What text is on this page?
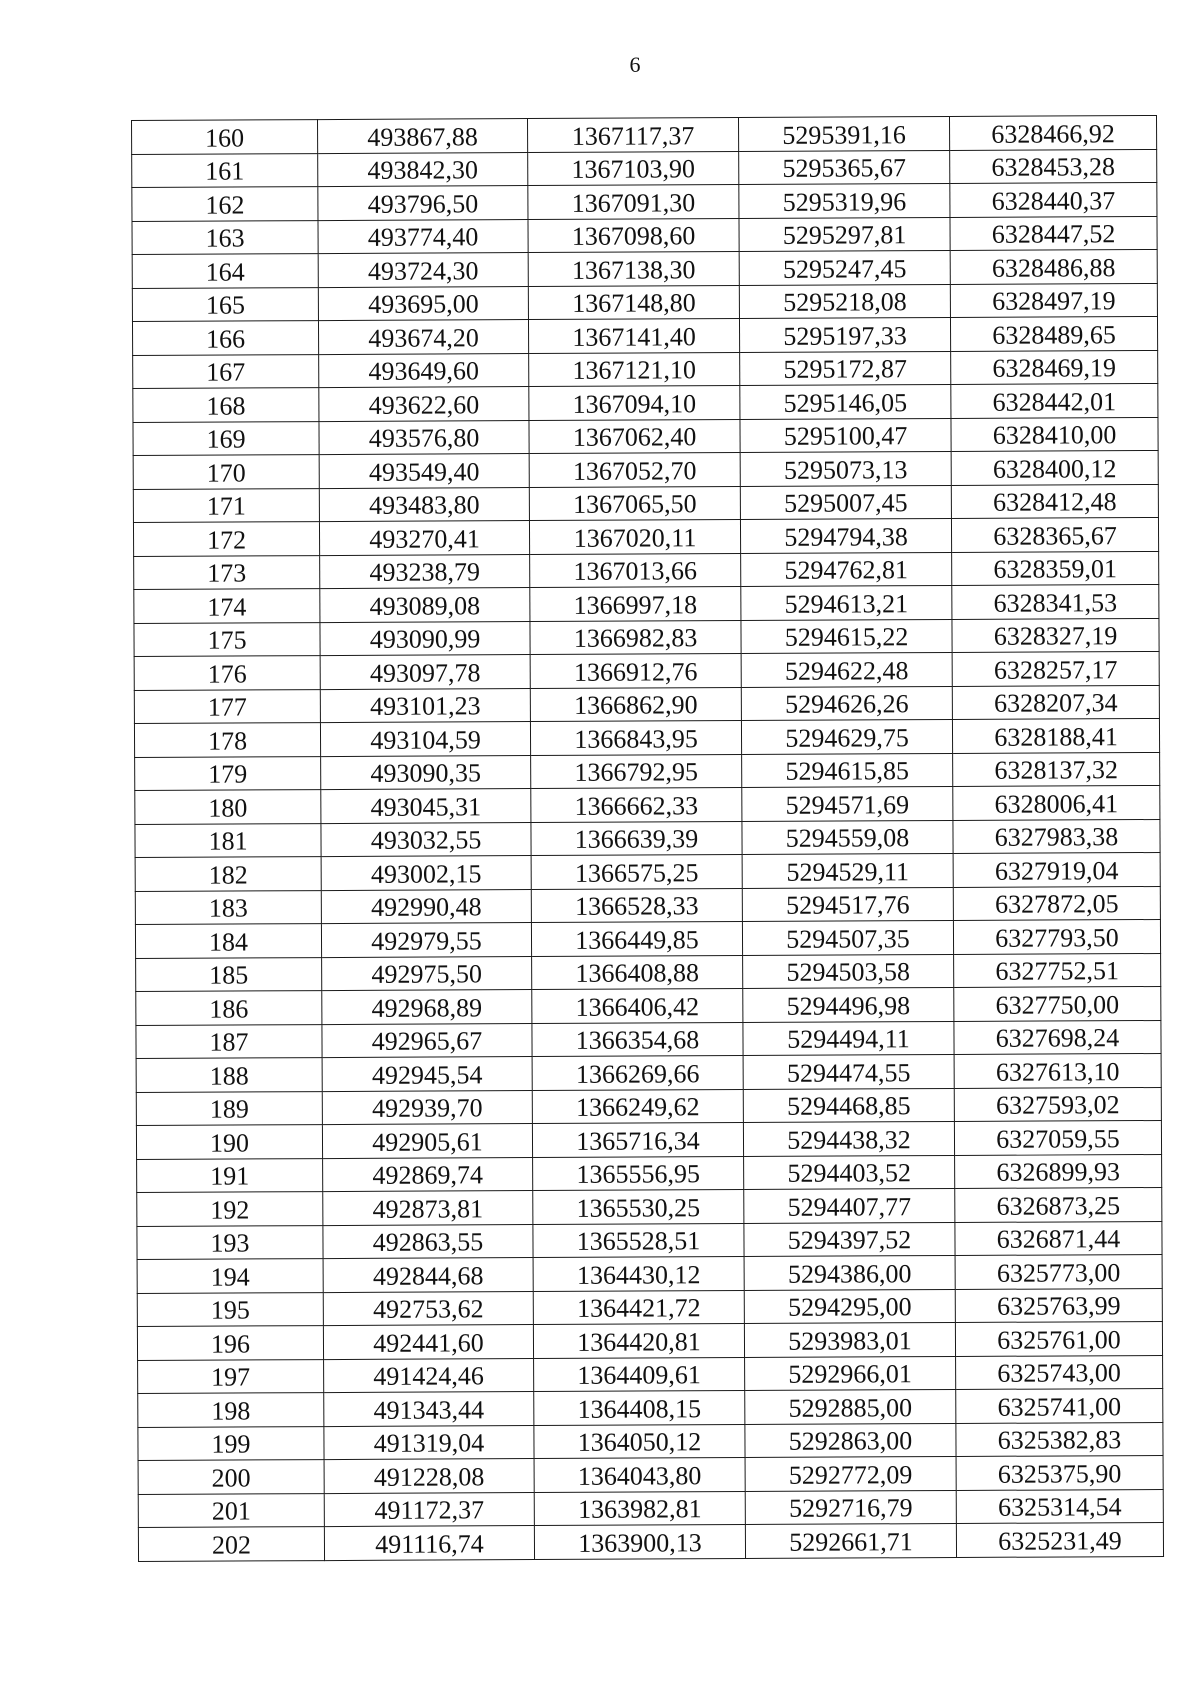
6
160	493867,88	1367117,37	5295391,16	6328466,92
161	493842,30	1367103,90	5295365,67	6328453,28
162	493796,50	1367091,30	5295319,96	6328440,37
163	493774,40	1367098,60	5295297,81	6328447,52
164	493724,30	1367138,30	5295247,45	6328486,88
165	493695,00	1367148,80	5295218,08	6328497,19
166	493674,20	1367141,40	5295197,33	6328489,65
167	493649,60	1367121,10	5295172,87	6328469,19
168	493622,60	1367094,10	5295146,05	6328442,01
169	493576,80	1367062,40	5295100,47	6328410,00
170	493549,40	1367052,70	5295073,13	6328400,12
171	493483,80	1367065,50	5295007,45	6328412,48
172	493270,41	1367020,11	5294794,38	6328365,67
173	493238,79	1367013,66	5294762,81	6328359,01
174	493089,08	1366997,18	5294613,21	6328341,53
175	493090,99	1366982,83	5294615,22	6328327,19
176	493097,78	1366912,76	5294622,48	6328257,17
177	493101,23	1366862,90	5294626,26	6328207,34
178	493104,59	1366843,95	5294629,75	6328188,41
179	493090,35	1366792,95	5294615,85	6328137,32
180	493045,31	1366662,33	5294571,69	6328006,41
181	493032,55	1366639,39	5294559,08	6327983,38
182	493002,15	1366575,25	5294529,11	6327919,04
183	492990,48	1366528,33	5294517,76	6327872,05
184	492979,55	1366449,85	5294507,35	6327793,50
185	492975,50	1366408,88	5294503,58	6327752,51
186	492968,89	1366406,42	5294496,98	6327750,00
187	492965,67	1366354,68	5294494,11	6327698,24
188	492945,54	1366269,66	5294474,55	6327613,10
189	492939,70	1366249,62	5294468,85	6327593,02
190	492905,61	1365716,34	5294438,32	6327059,55
191	492869,74	1365556,95	5294403,52	6326899,93
192	492873,81	1365530,25	5294407,77	6326873,25
193	492863,55	1365528,51	5294397,52	6326871,44
194	492844,68	1364430,12	5294386,00	6325773,00
195	492753,62	1364421,72	5294295,00	6325763,99
196	492441,60	1364420,81	5293983,01	6325761,00
197	491424,46	1364409,61	5292966,01	6325743,00
198	491343,44	1364408,15	5292885,00	6325741,00
199	491319,04	1364050,12	5292863,00	6325382,83
200	491228,08	1364043,80	5292772,09	6325375,90
201	491172,37	1363982,81	5292716,79	6325314,54
202	491116,74	1363900,13	5292661,71	6325231,49
